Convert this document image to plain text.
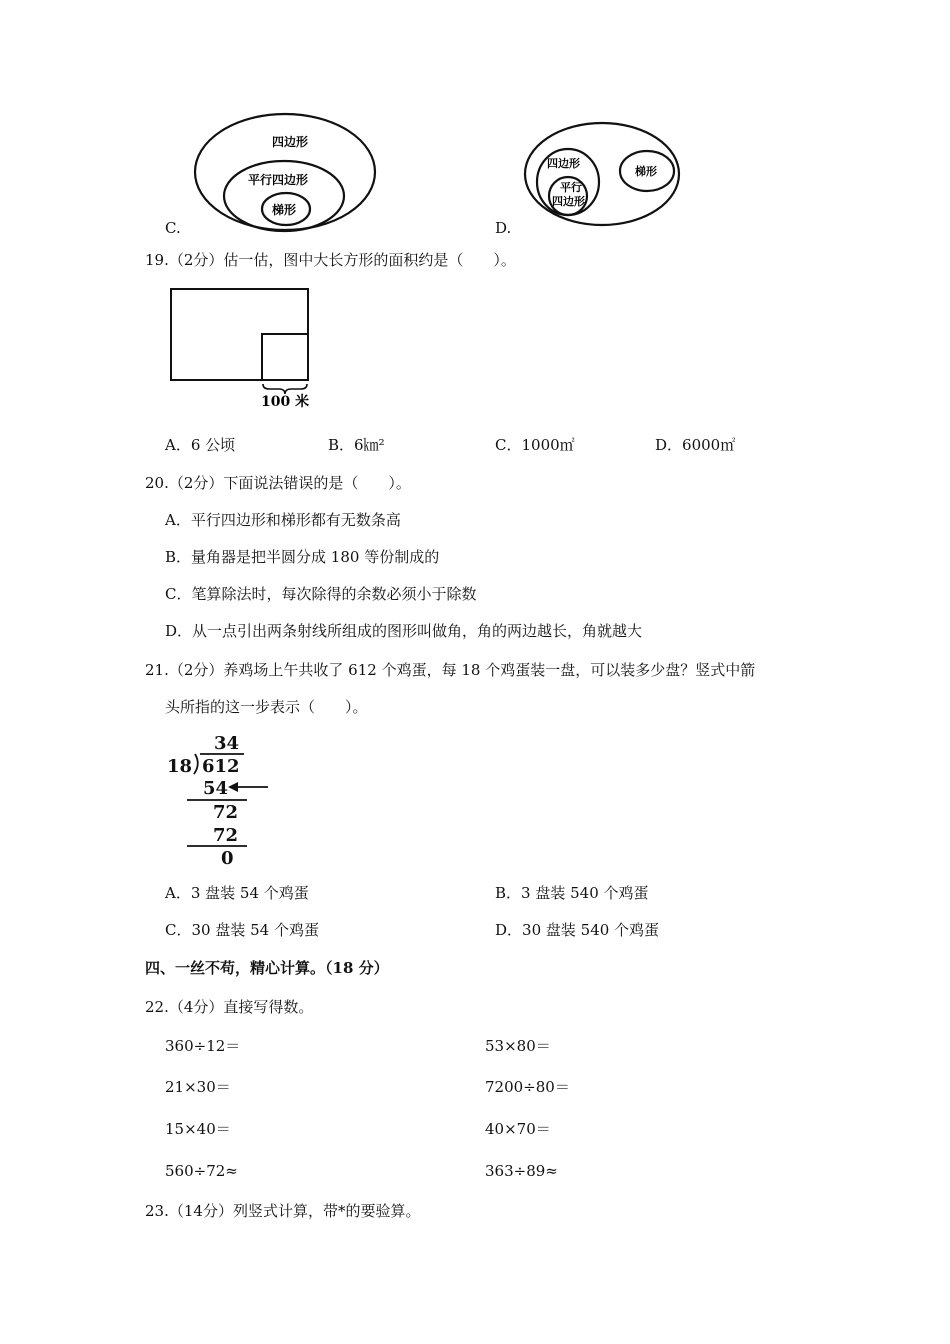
C.
四边形
平行四边形
梯形
D.
四边形
平行
四边形
梯形
19.（2分）估一估，图中大长方形的面积约是（　　）。
100 米
A．6 公顷	B．6㎞²	C．1000㎡	D．6000㎡
20.（2分）下面说法错误的是（　　）。
A．平行四边形和梯形都有无数条高
B．量角器是把半圆分成 180 等份制成的
C．笔算除法时，每次除得的余数必须小于除数
D．从一点引出两条射线所组成的图形叫做角，角的两边越长，角就越大
21.（2分）养鸡场上午共收了 612 个鸡蛋，每 18 个鸡蛋装一盘，可以装多少盘？竖式中箭
头所指的这一步表示（　　）。
34
18 612
54
72
72
0
A．3 盘装 54 个鸡蛋	B．3 盘装 540 个鸡蛋
C．30 盘装 54 个鸡蛋	D．30 盘装 540 个鸡蛋
四、一丝不苟，精心计算。（18 分）
22.（4分）直接写得数。
360÷12＝	53×80＝
21×30＝	7200÷80＝
15×40＝	40×70＝
560÷72≈	363÷89≈
23.（14分）列竖式计算，带*的要验算。
